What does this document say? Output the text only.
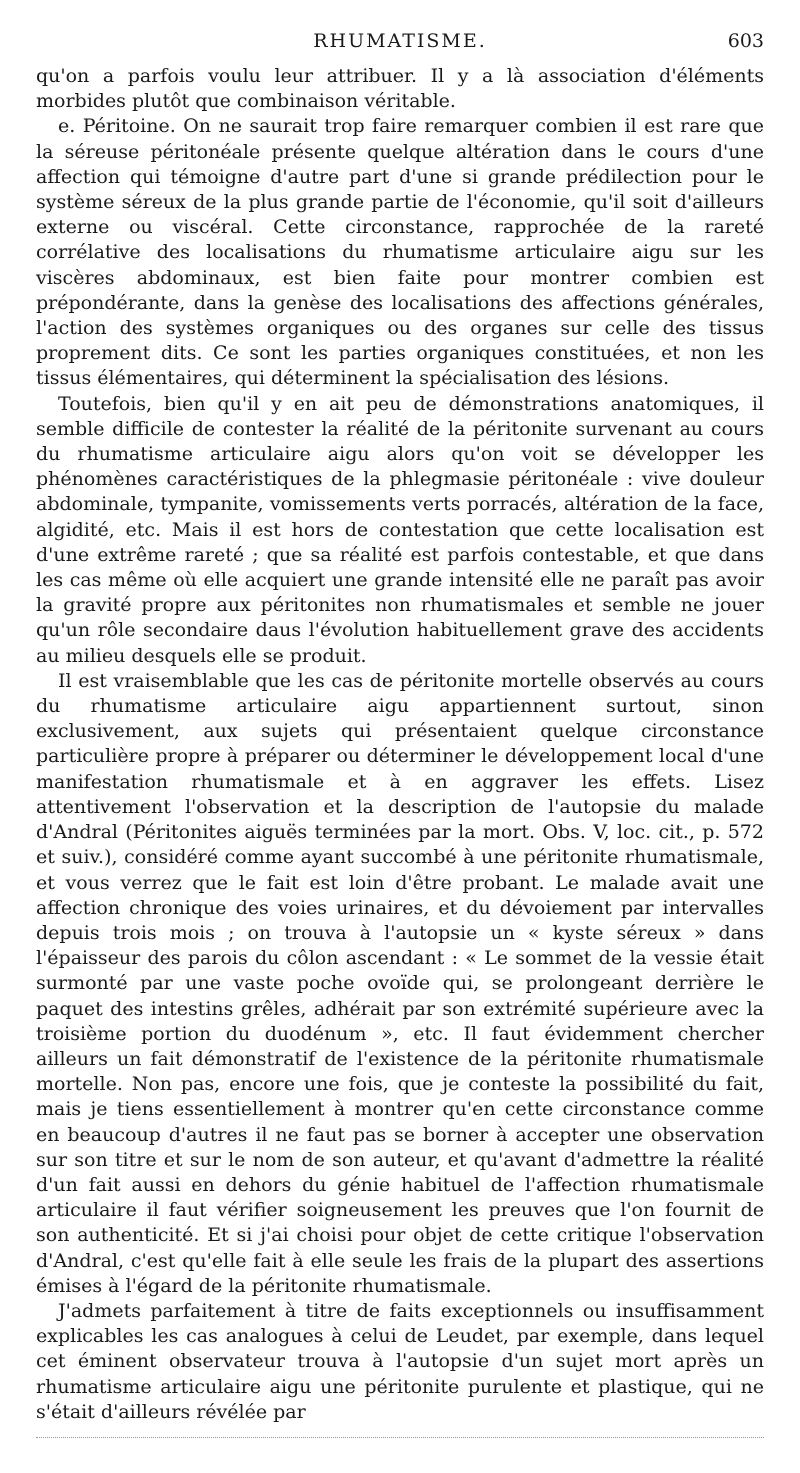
RHUMATISME.	603

qu'on a parfois voulu leur attribuer. Il y a là association d'éléments morbides plutôt que combinaison véritable.

e. Péritoine. On ne saurait trop faire remarquer combien il est rare que la séreuse péritonéale présente quelque altération dans le cours d'une affection qui témoigne d'autre part d'une si grande prédilection pour le système séreux de la plus grande partie de l'économie, qu'il soit d'ailleurs externe ou viscéral. Cette circonstance, rapprochée de la rareté corrélative des localisations du rhumatisme articulaire aigu sur les viscères abdominaux, est bien faite pour montrer combien est prépondérante, dans la genèse des localisations des affections générales, l'action des systèmes organiques ou des organes sur celle des tissus proprement dits. Ce sont les parties organiques constituées, et non les tissus élémentaires, qui déterminent la spécialisation des lésions.

Toutefois, bien qu'il y en ait peu de démonstrations anatomiques, il semble difficile de contester la réalité de la péritonite survenant au cours du rhumatisme articulaire aigu alors qu'on voit se développer les phénomènes caractéristiques de la phlegmasie péritonéale : vive douleur abdominale, tympanite, vomissements verts porracés, altération de la face, algidité, etc. Mais il est hors de contestation que cette localisation est d'une extrême rareté ; que sa réalité est parfois contestable, et que dans les cas même où elle acquiert une grande intensité elle ne paraît pas avoir la gravité propre aux péritonites non rhumatismales et semble ne jouer qu'un rôle secondaire daus l'évolution habituellement grave des accidents au milieu desquels elle se produit.

Il est vraisemblable que les cas de péritonite mortelle observés au cours du rhumatisme articulaire aigu appartiennent surtout, sinon exclusivement, aux sujets qui présentaient quelque circonstance particulière propre à préparer ou déterminer le développement local d'une manifestation rhumatismale et à en aggraver les effets. Lisez attentivement l'observation et la description de l'autopsie du malade d'Andral (Péritonites aiguës terminées par la mort. Obs. V, loc. cit., p. 572 et suiv.), considéré comme ayant succombé à une péritonite rhumatismale, et vous verrez que le fait est loin d'être probant. Le malade avait une affection chronique des voies urinaires, et du dévoiement par intervalles depuis trois mois ; on trouva à l'autopsie un « kyste séreux » dans l'épaisseur des parois du côlon ascendant : « Le sommet de la vessie était surmonté par une vaste poche ovoïde qui, se prolongeant derrière le paquet des intestins grêles, adhérait par son extrémité supérieure avec la troisième portion du duodénum », etc. Il faut évidemment chercher ailleurs un fait démonstratif de l'existence de la péritonite rhumatismale mortelle. Non pas, encore une fois, que je conteste la possibilité du fait, mais je tiens essentiellement à montrer qu'en cette circonstance comme en beaucoup d'autres il ne faut pas se borner à accepter une observation sur son titre et sur le nom de son auteur, et qu'avant d'admettre la réalité d'un fait aussi en dehors du génie habituel de l'affection rhumatismale articulaire il faut vérifier soigneusement les preuves que l'on fournit de son authenticité. Et si j'ai choisi pour objet de cette critique l'observation d'Andral, c'est qu'elle fait à elle seule les frais de la plupart des assertions émises à l'égard de la péritonite rhumatismale.

J'admets parfaitement à titre de faits exceptionnels ou insuffisamment explicables les cas analogues à celui de Leudet, par exemple, dans lequel cet éminent observateur trouva à l'autopsie d'un sujet mort après un rhumatisme articulaire aigu une péritonite purulente et plastique, qui ne s'était d'ailleurs révélée par
